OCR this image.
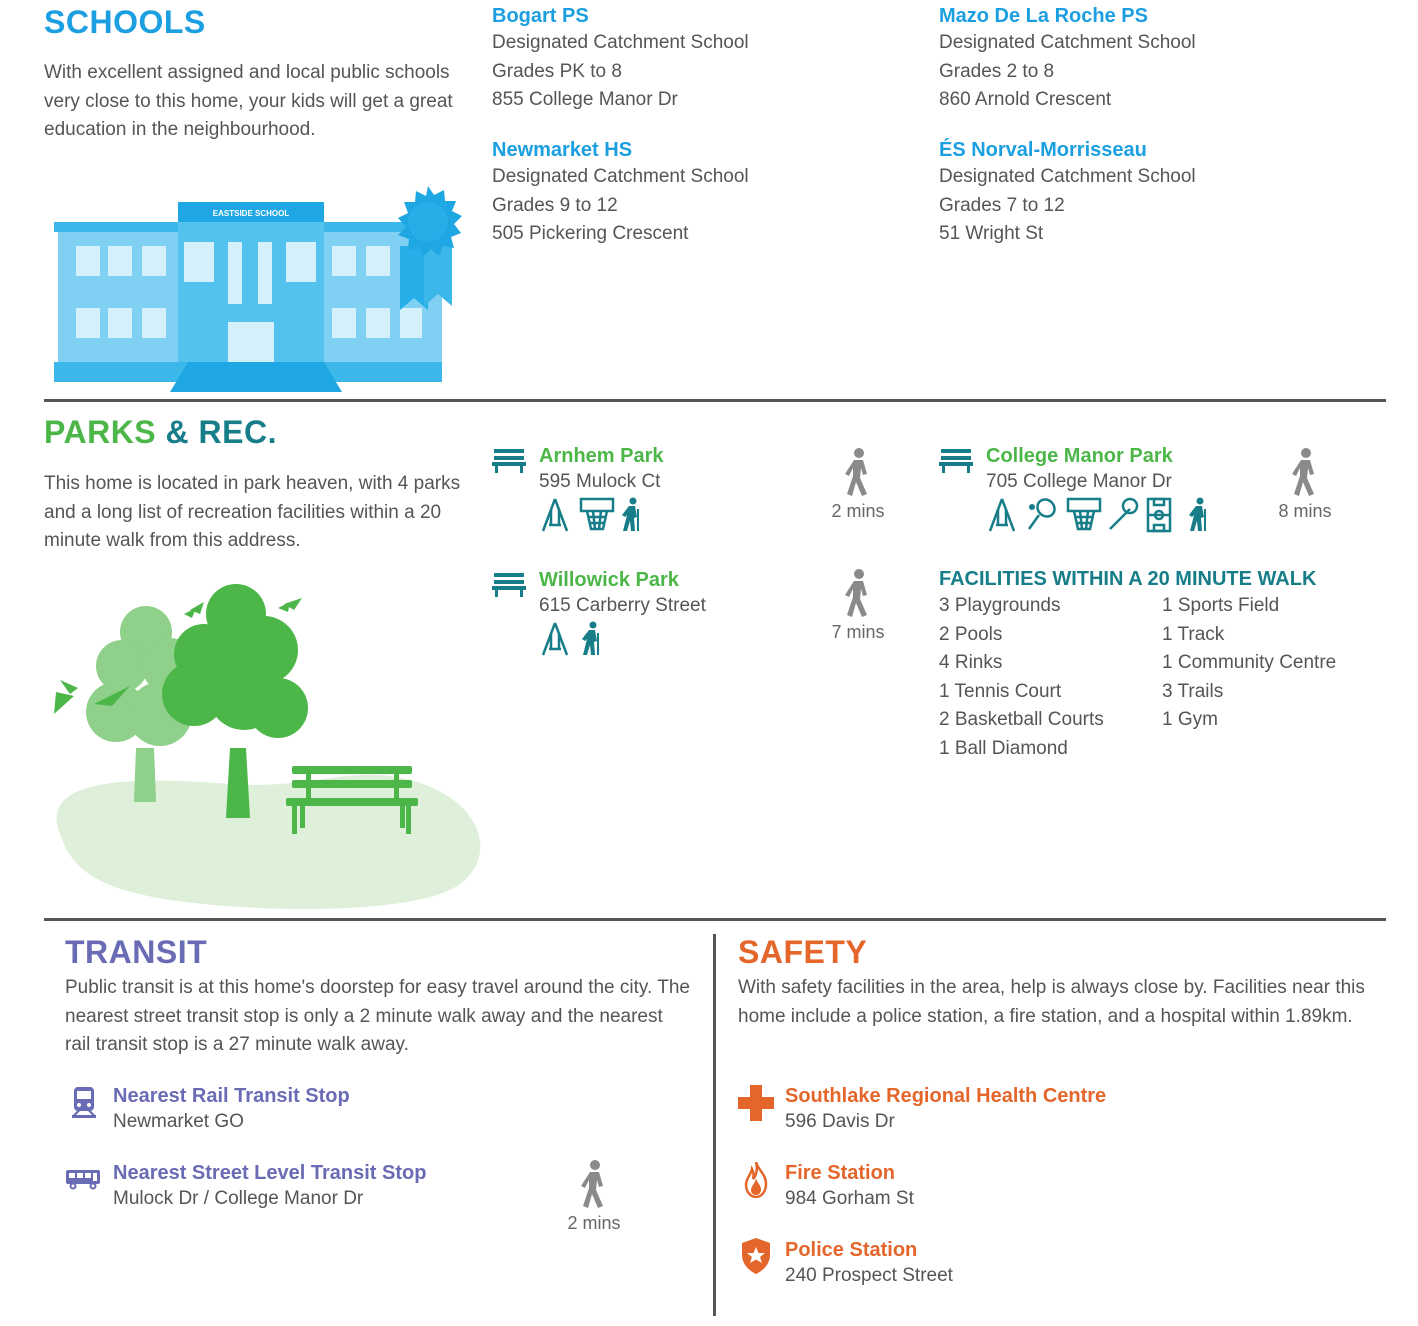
SCHOOLS
With excellent assigned and local public schools very close to this home, your kids will get a great education in the neighbourhood.
EASTSIDE SCHOOL
Bogart PS
Designated Catchment School
Grades PK to 8
855 College Manor Dr
Mazo De La Roche PS
Designated Catchment School
Grades 2 to 8
860 Arnold Crescent
Newmarket HS
Designated Catchment School
Grades 9 to 12
505 Pickering Crescent
ÉS Norval-Morrisseau
Designated Catchment School
Grades 7 to 12
51 Wright St
PARKS & REC.
This home is located in park heaven, with 4 parks and a long list of recreation facilities within a 20 minute walk from this address.
Arnhem Park
595 Mulock Ct
2 mins
College Manor Park
705 College Manor Dr
8 mins
Willowick Park
615 Carberry Street
7 mins
FACILITIES WITHIN A 20 MINUTE WALK
3 Playgrounds
2 Pools
4 Rinks
1 Tennis Court
2 Basketball Courts
1 Ball Diamond
1 Sports Field
1 Track
1 Community Centre
3 Trails
1 Gym
TRANSIT
Public transit is at this home's doorstep for easy travel around the city. The nearest street transit stop is only a 2 minute walk away and the nearest rail transit stop is a 27 minute walk away.
Nearest Rail Transit Stop
Newmarket GO
Nearest Street Level Transit Stop
Mulock Dr / College Manor Dr
2 mins
SAFETY
With safety facilities in the area, help is always close by. Facilities near this home include a police station, a fire station, and a hospital within 1.89km.
Southlake Regional Health Centre
596 Davis Dr
Fire Station
984 Gorham St
Police Station
240 Prospect Street
